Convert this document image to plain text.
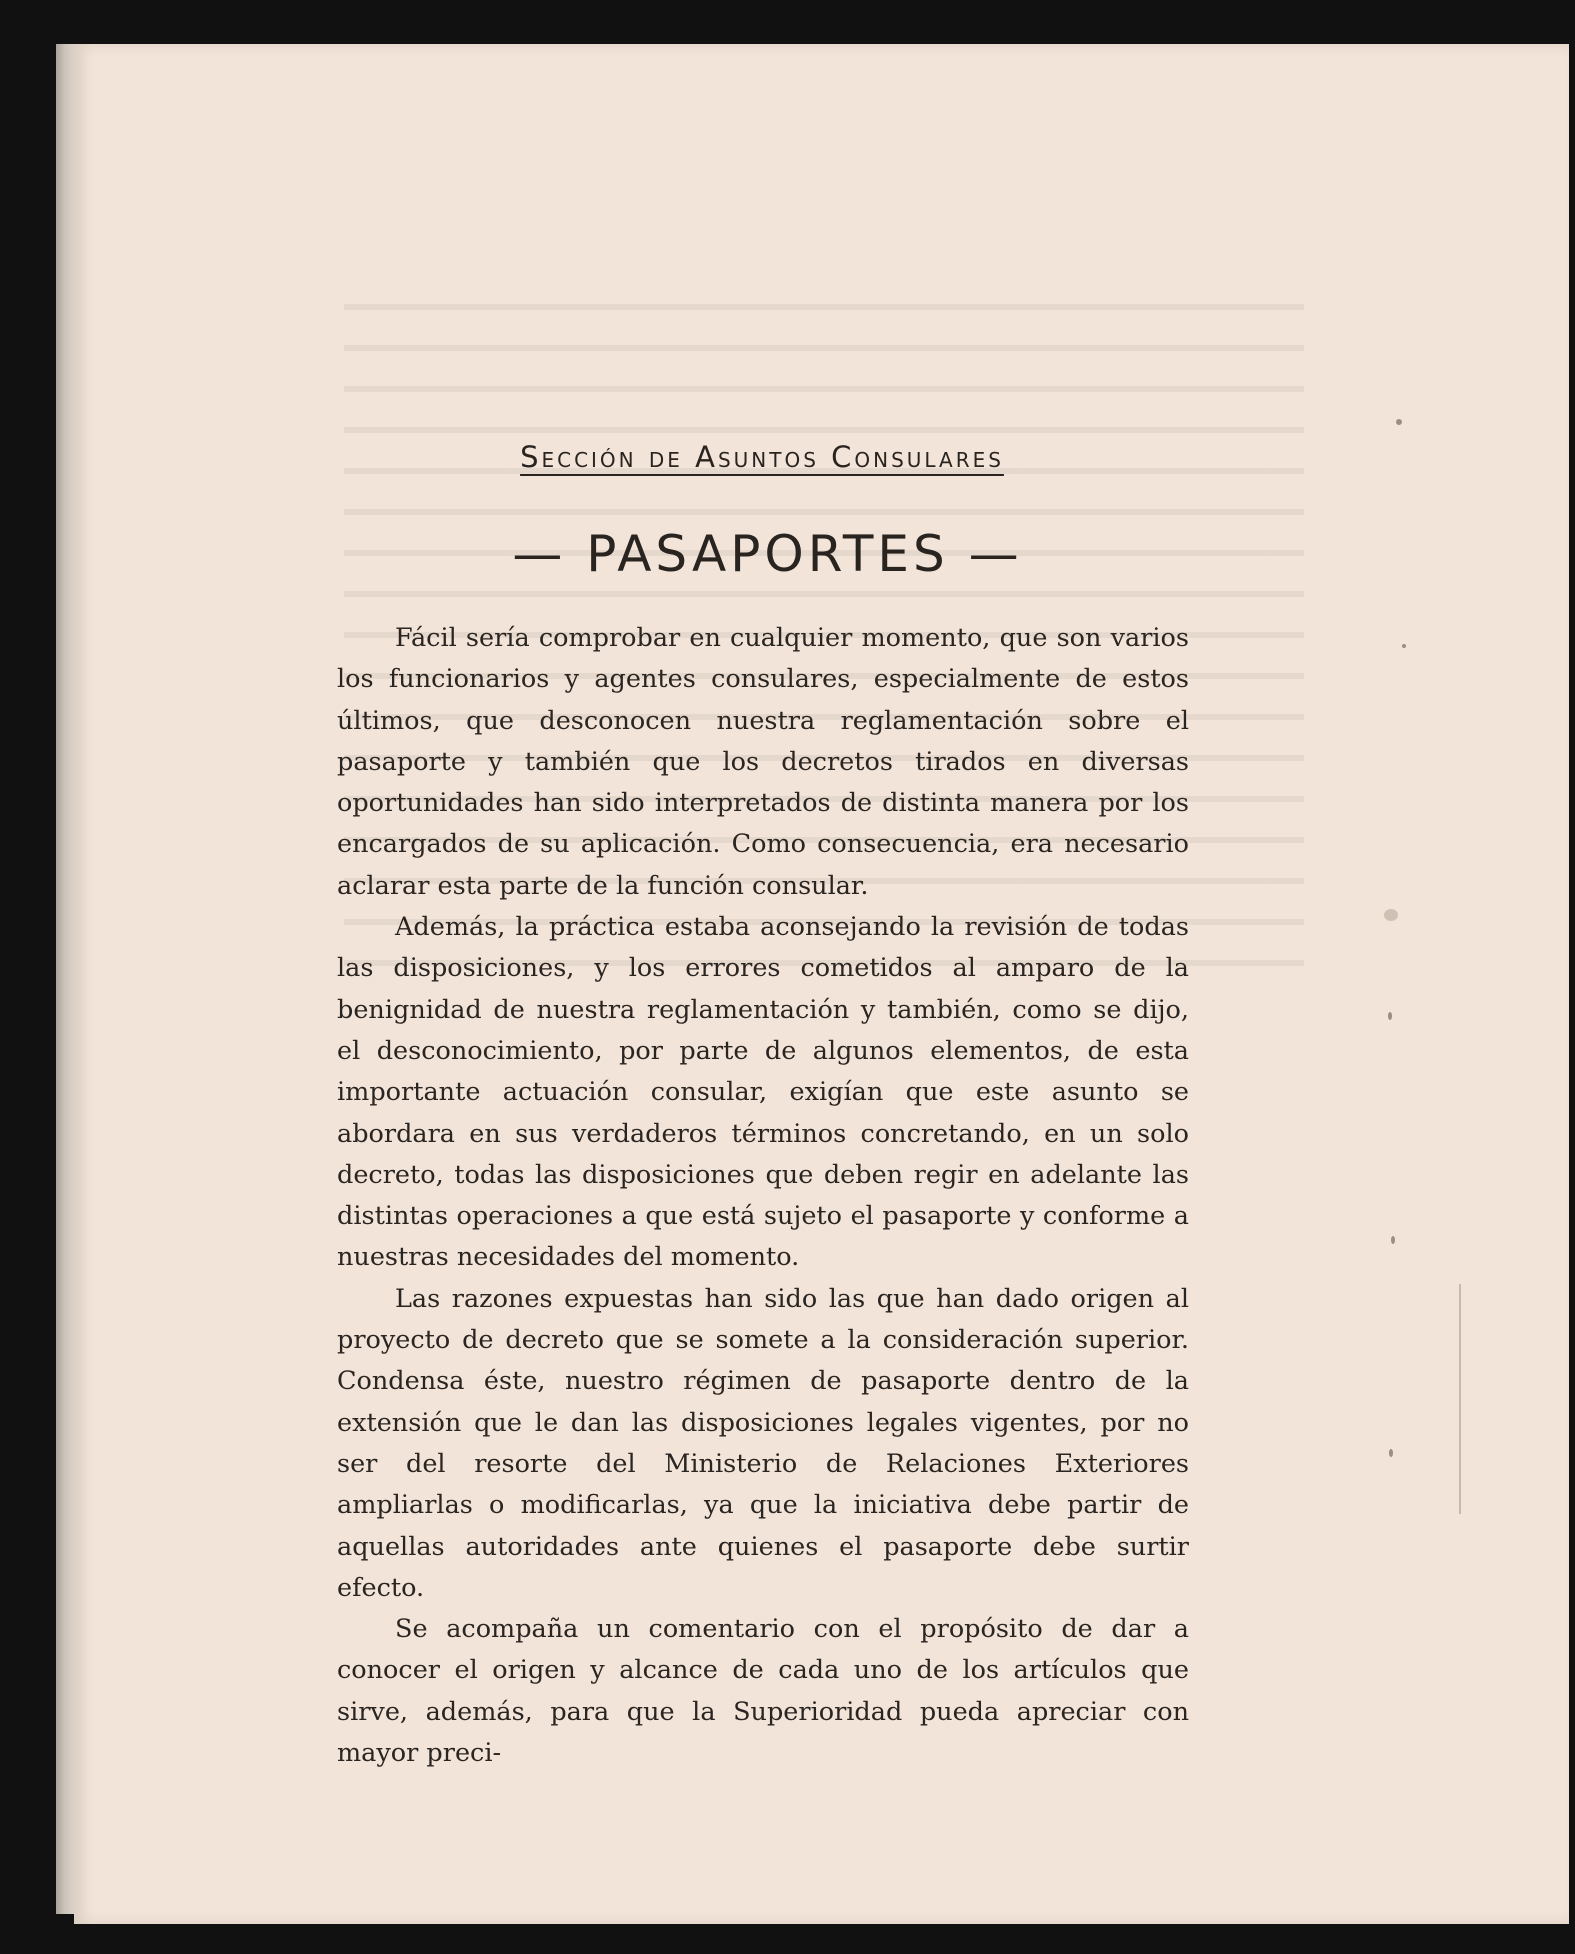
Sección de Asuntos Consulares
— PASAPORTES —

Fácil sería comprobar en cualquier momento, que son varios los funcionarios y agentes consulares, especialmente de estos últimos, que desconocen nuestra reglamentación sobre el pasaporte y también que los decretos tirados en diversas oportunidades han sido interpretados de distinta manera por los encargados de su aplicación. Como consecuencia, era necesario aclarar esta parte de la función consular.

Además, la práctica estaba aconsejando la revisión de todas las disposiciones, y los errores cometidos al amparo de la benignidad de nuestra reglamentación y también, como se dijo, el desconocimiento, por parte de algunos elementos, de esta importante actuación consular, exigían que este asunto se abordara en sus verdaderos términos concretando, en un solo decreto, todas las disposiciones que deben regir en adelante las distintas operaciones a que está sujeto el pasaporte y conforme a nuestras necesidades del momento.

Las razones expuestas han sido las que han dado origen al proyecto de decreto que se somete a la consideración superior. Condensa éste, nuestro régimen de pasaporte dentro de la extensión que le dan las disposiciones legales vigentes, por no ser del resorte del Ministerio de Relaciones Exteriores ampliarlas o modificarlas, ya que la iniciativa debe partir de aquellas autoridades ante quienes el pasaporte debe surtir efecto.

Se acompaña un comentario con el propósito de dar a conocer el origen y alcance de cada uno de los artículos que sirve, además, para que la Superioridad pueda apreciar con mayor preci-
